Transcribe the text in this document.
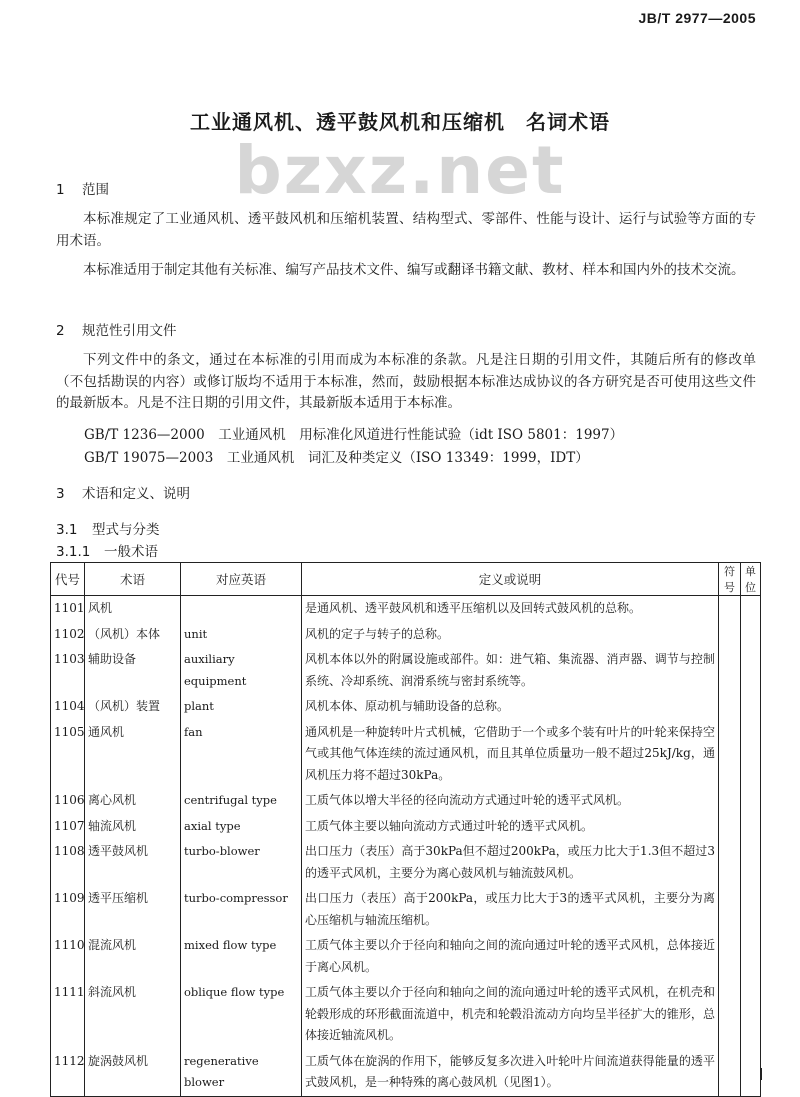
JB/T 2977—2005
bzxz.net
工业通风机、透平鼓风机和压缩机　名词术语
1 范围

本标准规定了工业通风机、透平鼓风机和压缩机装置、结构型式、零部件、性能与设计、运行与试验等方面的专用术语。

本标准适用于制定其他有关标准、编写产品技术文件、编写或翻译书籍文献、教材、样本和国内外的技术交流。

2 规范性引用文件

下列文件中的条文，通过在本标准的引用而成为本标准的条款。凡是注日期的引用文件，其随后所有的修改单（不包括勘误的内容）或修订版均不适用于本标准，然而，鼓励根据本标准达成协议的各方研究是否可使用这些文件的最新版本。凡是不注日期的引用文件，其最新版本适用于本标准。

GB/T 1236—2000　工业通风机　用标准化风道进行性能试验（idt ISO 5801：1997）
GB/T 19075—2003　工业通风机　词汇及种类定义（ISO 13349：1999，IDT）
3 术语和定义、说明
3.1 型式与分类
3.1.1 一般术语
代号	术语	对应英语	定义或说明	符号	单位
1101	风机		是通风机、透平鼓风机和透平压缩机以及回转式鼓风机的总称。		
1102	（风机）本体	unit	风机的定子与转子的总称。		
1103	辅助设备	auxiliary equipment	风机本体以外的附属设施或部件。如：进气箱、集流器、消声器、调节与控制系统、冷却系统、润滑系统与密封系统等。		
1104	（风机）装置	plant	风机本体、原动机与辅助设备的总称。		
1105	通风机	fan	通风机是一种旋转叶片式机械，它借助于一个或多个装有叶片的叶轮来保持空气或其他气体连续的流过通风机，而且其单位质量功一般不超过25kJ/kg，通风机压力将不超过30kPa。		
1106	离心风机	centrifugal type	工质气体以增大半径的径向流动方式通过叶轮的透平式风机。		
1107	轴流风机	axial type	工质气体主要以轴向流动方式通过叶轮的透平式风机。		
1108	透平鼓风机	turbo-blower	出口压力（表压）高于30kPa但不超过200kPa，或压力比大于1.3但不超过3的透平式风机，主要分为离心鼓风机与轴流鼓风机。		
1109	透平压缩机	turbo-compressor	出口压力（表压）高于200kPa，或压力比大于3的透平式风机，主要分为离心压缩机与轴流压缩机。		
1110	混流风机	mixed flow type	工质气体主要以介于径向和轴向之间的流向通过叶轮的透平式风机，总体接近于离心风机。		
1111	斜流风机	oblique flow type	工质气体主要以介于径向和轴向之间的流向通过叶轮的透平式风机，在机壳和轮毂形成的环形截面流道中，机壳和轮毂沿流动方向均呈半径扩大的锥形，总体接近轴流风机。		
1112	旋涡鼓风机	regenerative blower	工质气体在旋涡的作用下，能够反复多次进入叶轮叶片间流道获得能量的透平式鼓风机，是一种特殊的离心鼓风机（见图1）。		
